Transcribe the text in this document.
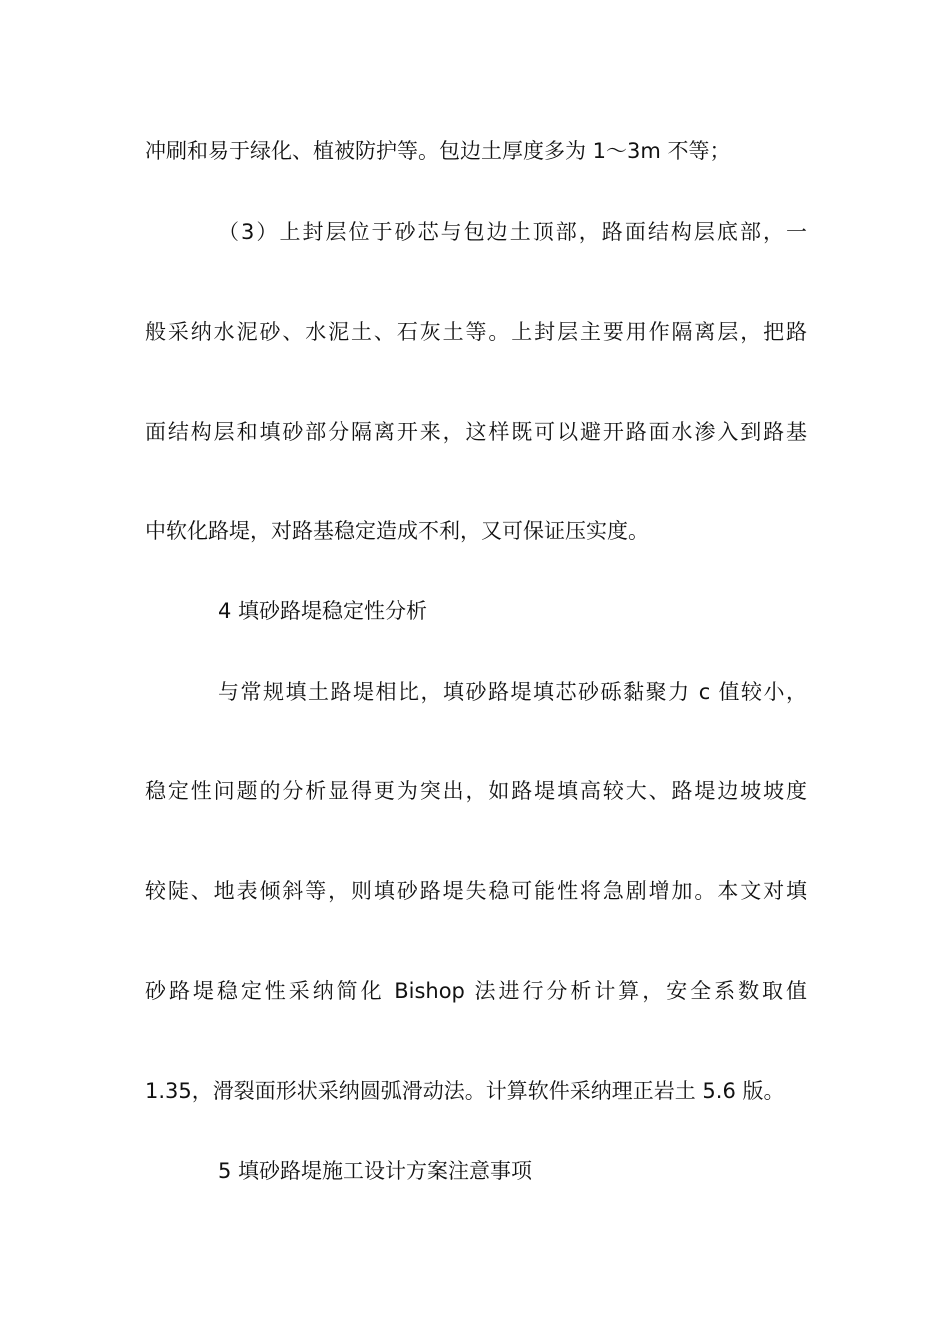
冲刷和易于绿化、植被防护等。包边土厚度多为 1～3m 不等；
（3）上封层位于砂芯与包边土顶部，路面结构层底部，一
般采纳水泥砂、水泥土、石灰土等。上封层主要用作隔离层，把路
面结构层和填砂部分隔离开来，这样既可以避开路面水渗入到路基
中软化路堤，对路基稳定造成不利，又可保证压实度。
4 填砂路堤稳定性分析
与常规填土路堤相比，填砂路堤填芯砂砾黏聚力 c 值较小，
稳定性问题的分析显得更为突出，如路堤填高较大、路堤边坡坡度
较陡、地表倾斜等，则填砂路堤失稳可能性将急剧增加。本文对填
砂路堤稳定性采纳简化 Bishop 法进行分析计算，安全系数取值
1.35，滑裂面形状采纳圆弧滑动法。计算软件采纳理正岩土 5.6 版。
5 填砂路堤施工设计方案注意事项
